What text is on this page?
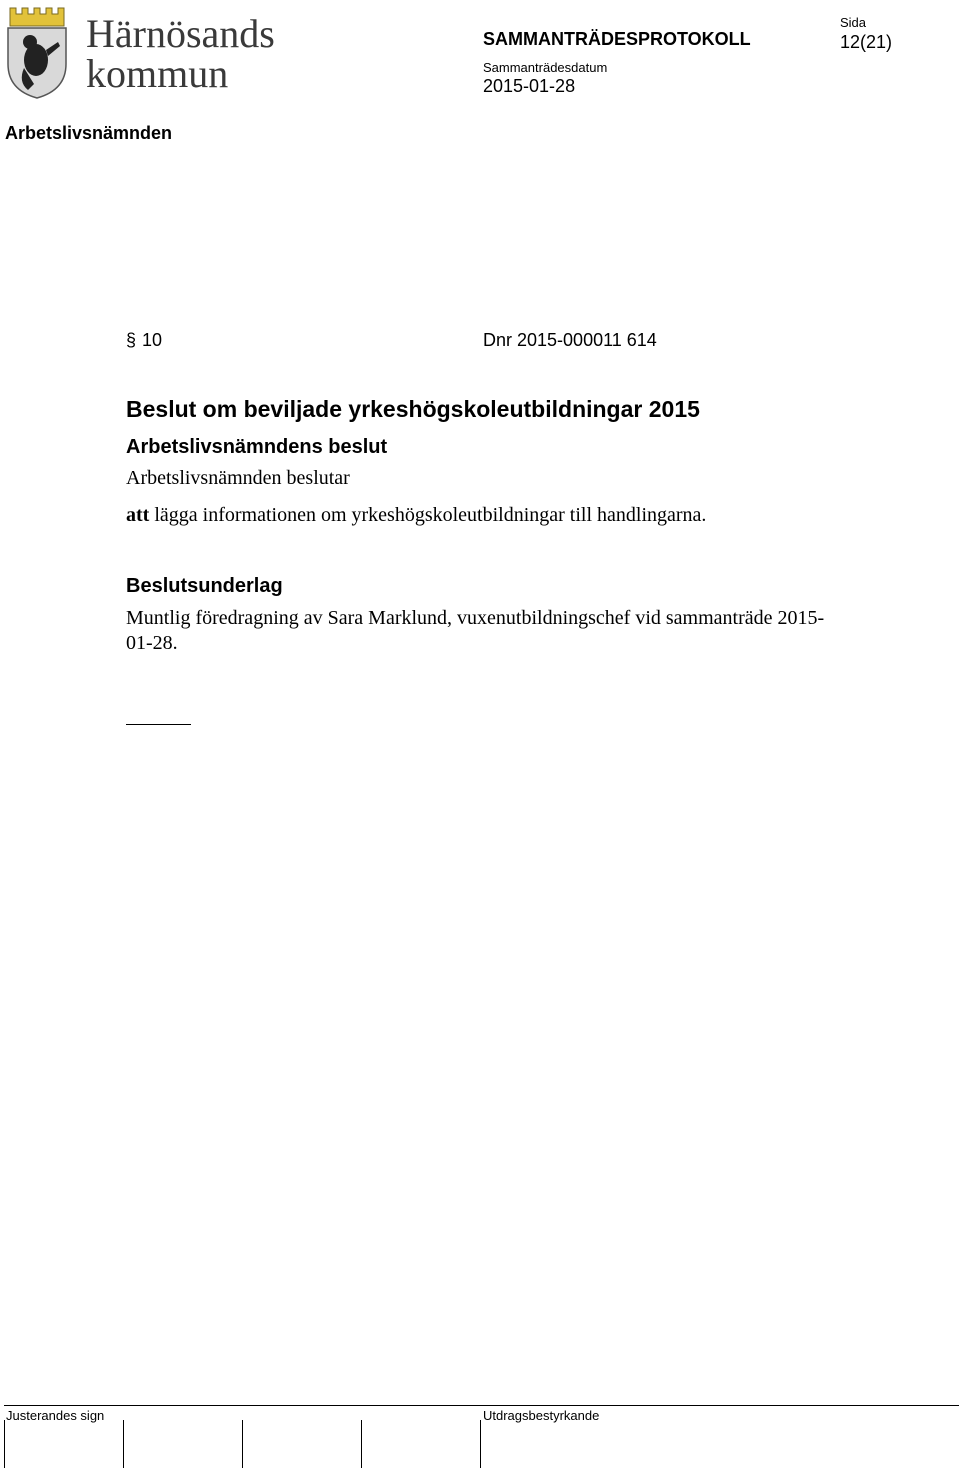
Härnösands
kommun
SAMMANTRÄDESPROTOKOLL
Sida
12(21)
Sammanträdesdatum
2015-01-28
Arbetslivsnämnden
§ 10	Dnr 2015-000011 614
Beslut om beviljade yrkeshögskoleutbildningar 2015
Arbetslivsnämndens beslut
Arbetslivsnämnden beslutar
att lägga informationen om yrkeshögskoleutbildningar till handlingarna.
Beslutsunderlag
Muntlig föredragning av Sara Marklund, vuxenutbildningschef vid sammanträde 2015-01-28.
Justerandes sign	Utdragsbestyrkande
